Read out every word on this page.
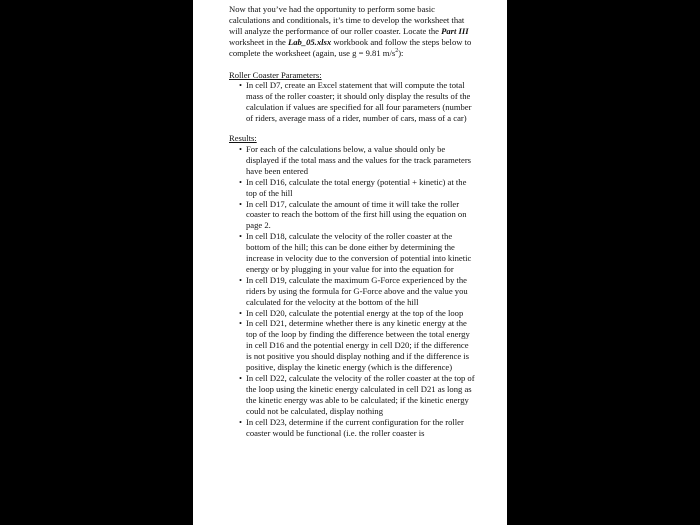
Now that you’ve had the opportunity to perform some basic calculations and conditionals, it’s time to develop the worksheet that will analyze the performance of our roller coaster. Locate the Part III worksheet in the Lab_05.xlsx workbook and follow the steps below to complete the worksheet (again, use g = 9.81 $m/s^2$):

Roller Coaster Parameters:

• In cell D7, create an Excel statement that will compute the total mass of the roller coaster; it should only display the results of the calculation if values are specified for all four parameters (number of riders, average mass of a rider, number of cars, mass of a car)

Results:

• For each of the calculations below, a value should only be displayed if the total mass and the values for the track parameters have been entered
• In cell D16, calculate the total energy (potential + kinetic) at the top of the hill
• In cell D17, calculate the amount of time it will take the roller coaster to reach the bottom of the first hill using the equation on page 2.
• In cell D18, calculate the velocity of the roller coaster at the bottom of the hill; this can be done either by determining the increase in velocity due to the conversion of potential into kinetic energy or by plugging in your value for into the equation for
• In cell D19, calculate the maximum G-Force experienced by the riders by using the formula for G-Force above and the value you calculated for the velocity at the bottom of the hill
• In cell D20, calculate the potential energy at the top of the loop
• In cell D21, determine whether there is any kinetic energy at the top of the loop by finding the difference between the total energy in cell D16 and the potential energy in cell D20; if the difference is not positive you should display nothing and if the difference is positive, display the kinetic energy (which is the difference)
• In cell D22, calculate the velocity of the roller coaster at the top of the loop using the kinetic energy calculated in cell D21 as long as the kinetic energy was able to be calculated; if the kinetic energy could not be calculated, display nothing
• In cell D23, determine if the current configuration for the roller coaster would be functional (i.e. the roller coaster is
